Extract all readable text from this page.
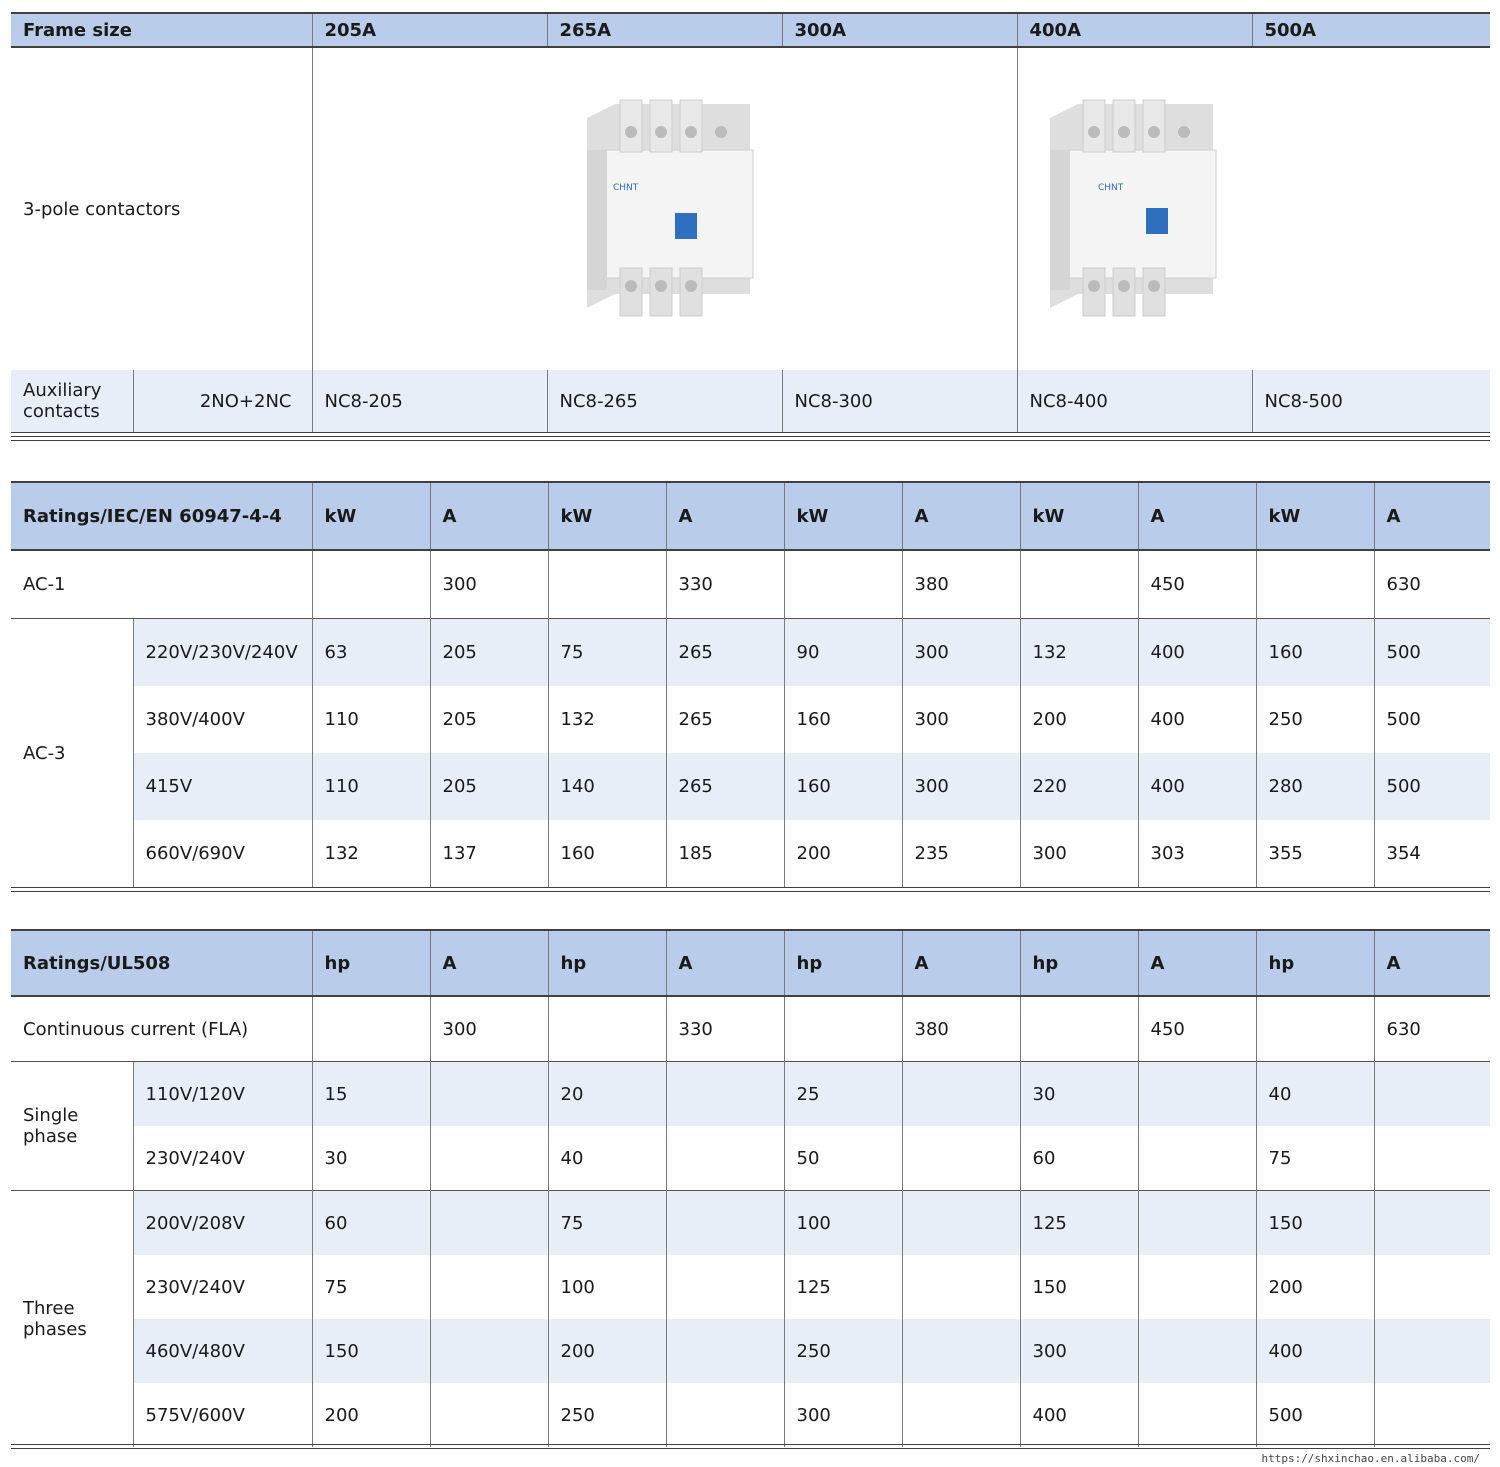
Frame size		205A	265A	300A	400A	500A
3-pole contactors		CHNT			CHNT	

Auxiliary contacts	2NO+2NC	NC8-205	NC8-265	NC8-300	NC8-400	NC8-500
Ratings/IEC/EN 60947-4-4		kW	A	kW	A	kW	A	kW	A	kW	A
AC-1			300		330		380		450		630
AC-3	220V/230V/240V	63	205	75	265	90	300	132	400	160	500
	380V/400V	110	205	132	265	160	300	200	400	250	500
	415V	110	205	140	265	160	300	220	400	280	500
	660V/690V	132	137	160	185	200	235	300	303	355	354
Ratings/UL508		hp	A	hp	A	hp	A	hp	A	hp	A
Continuous current (FLA)			300		330		380		450		630
Single phase	110V/120V	15		20		25		30		40	
	230V/240V	30		40		50		60		75	
Three phases	200V/208V	60		75		100		125		150	
	230V/240V	75		100		125		150		200	
	460V/480V	150		200		250		300		400	
	575V/600V	200		250		300		400		500	
https://shxinchao.en.alibaba.com/
